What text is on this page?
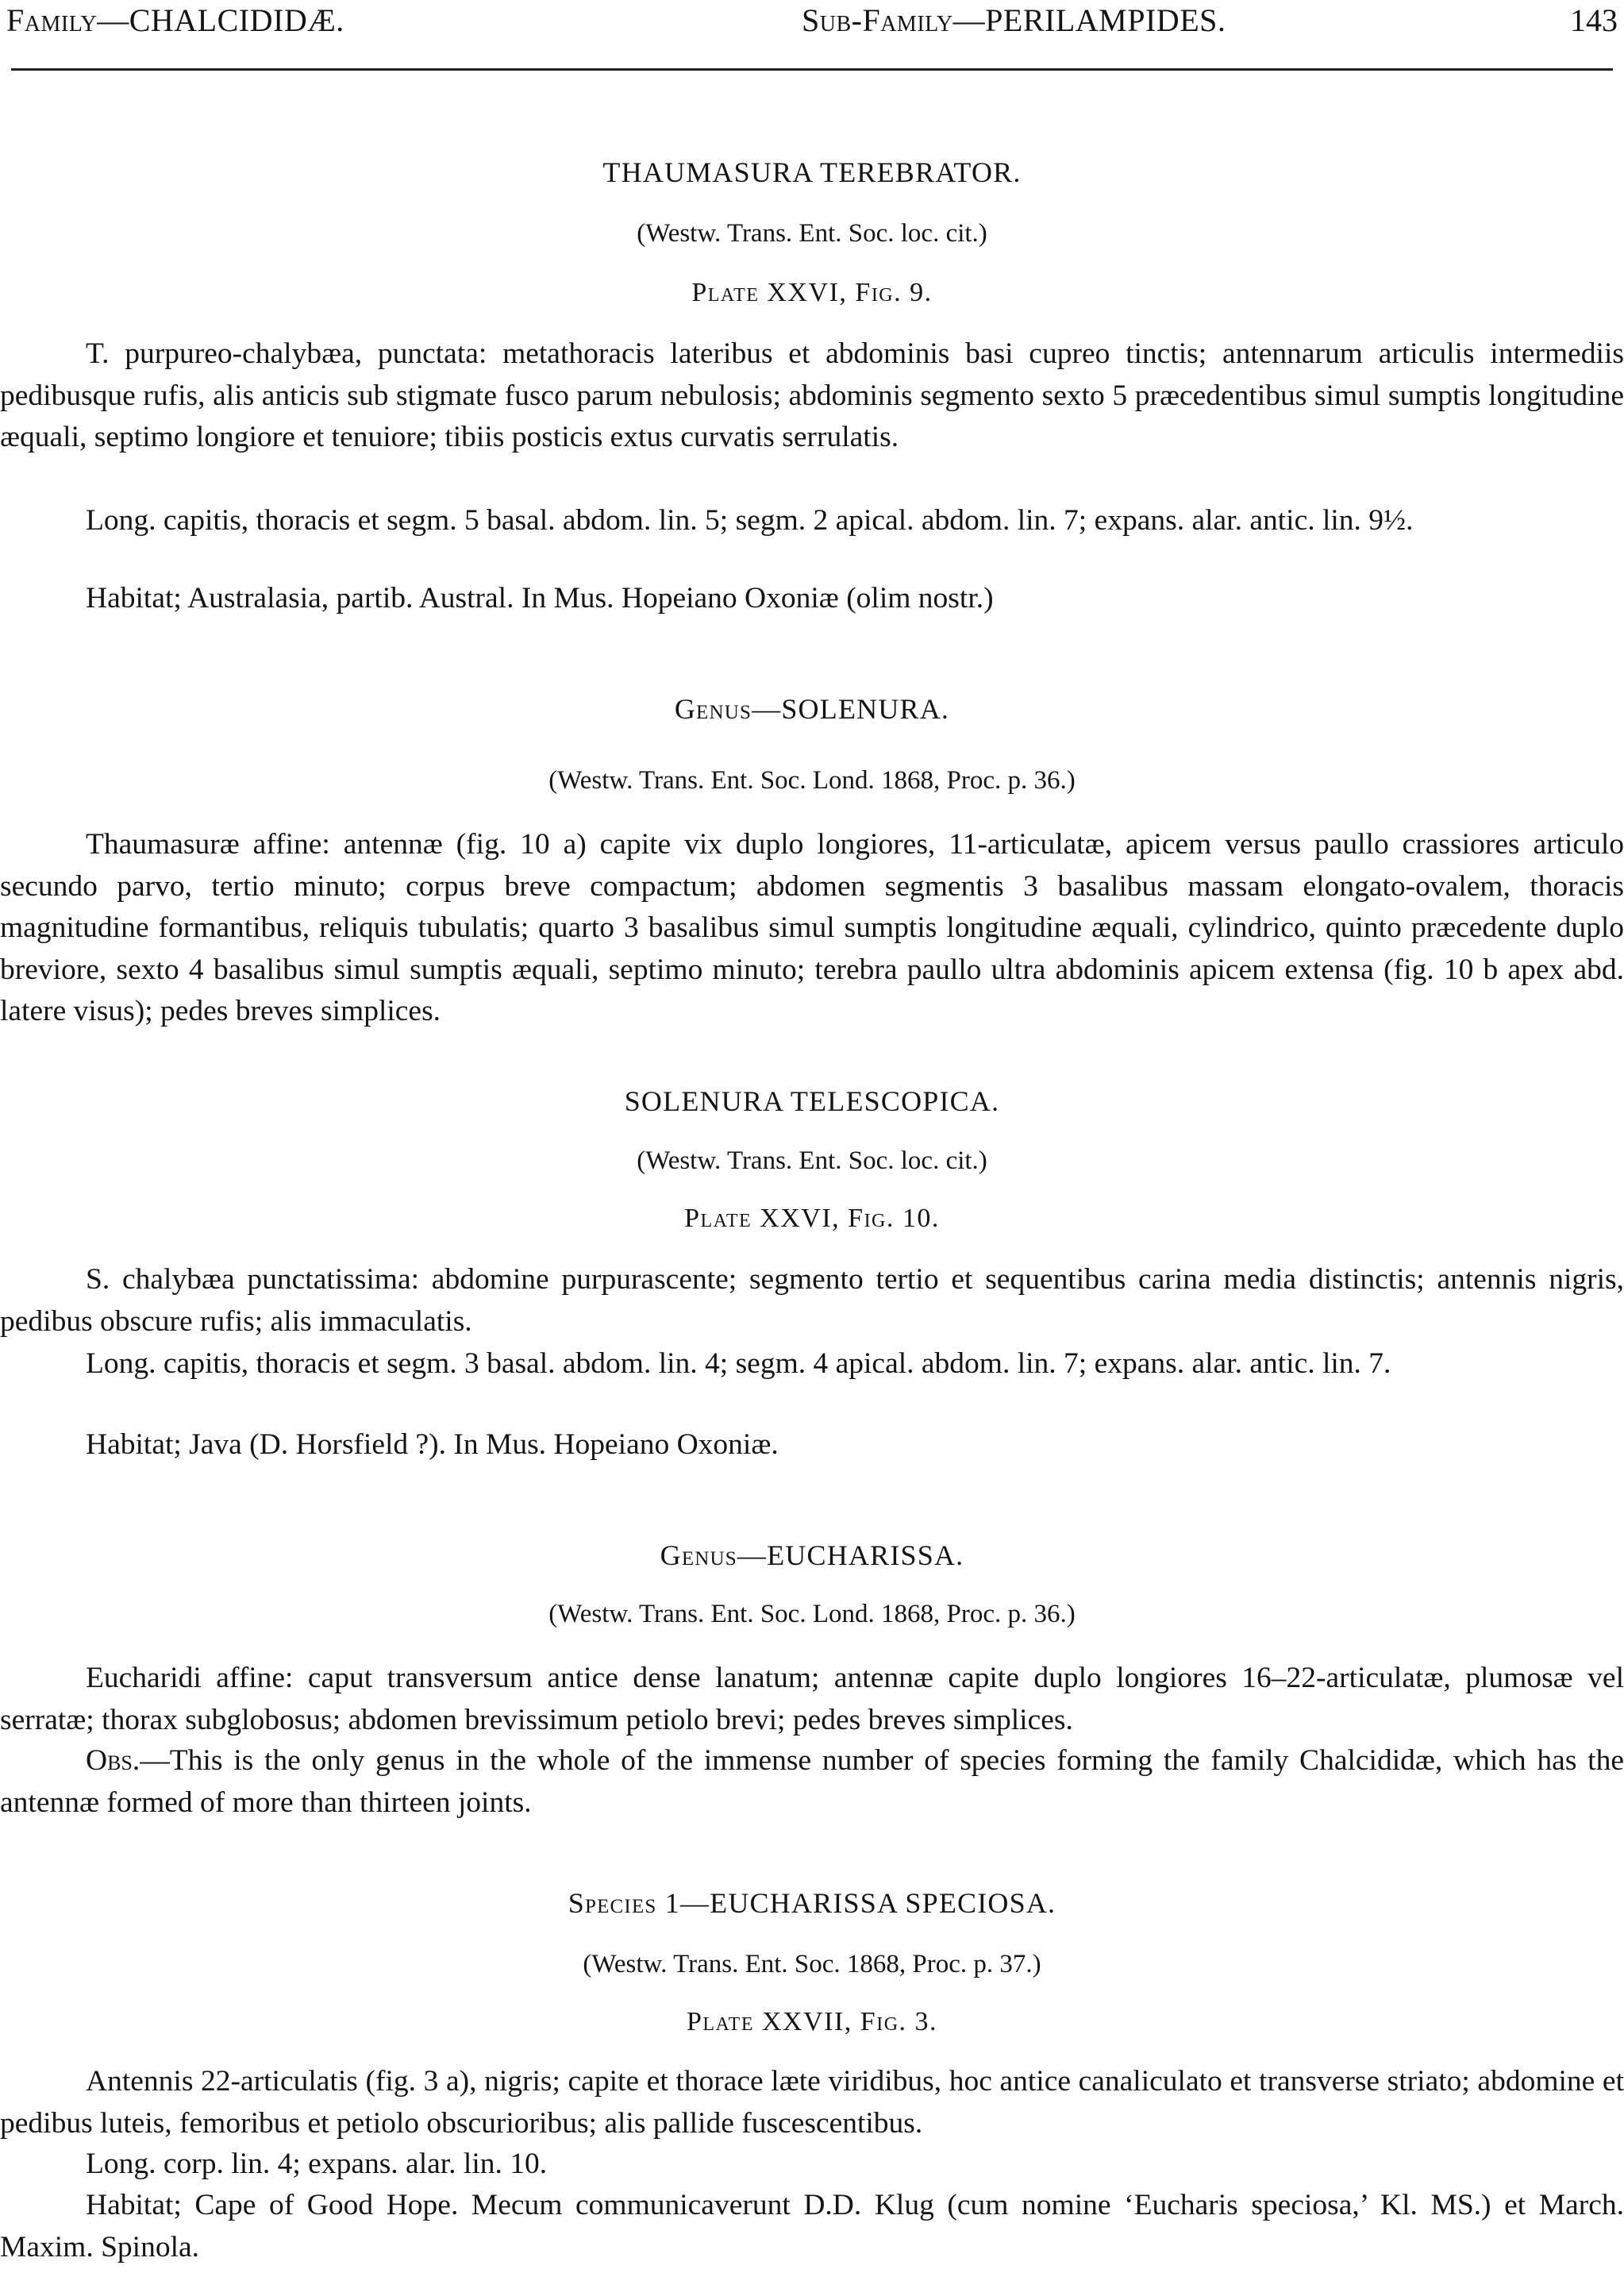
Family—CHALCIDIDÆ.	Sub-Family—PERILAMPIDES.	143
THAUMASURA TEREBRATOR.
(Westw. Trans. Ent. Soc. loc. cit.)
Plate XXVI, Fig. 9.
T. purpureo-chalybæa, punctata: metathoracis lateribus et abdominis basi cupreo tinctis; antennarum articulis intermediis pedibusque rufis, alis anticis sub stigmate fusco parum nebulosis; abdominis segmento sexto 5 præcedentibus simul sumptis longitudine æquali, septimo longiore et tenuiore; tibiis posticis extus curvatis serrulatis.
Long. capitis, thoracis et segm. 5 basal. abdom. lin. 5; segm. 2 apical. abdom. lin. 7; expans. alar. antic. lin. 9½.
Habitat; Australasia, partib. Austral. In Mus. Hopeiano Oxoniæ (olim nostr.)
Genus—SOLENURA.
(Westw. Trans. Ent. Soc. Lond. 1868, Proc. p. 36.)
Thaumasuræ affine: antennæ (fig. 10 a) capite vix duplo longiores, 11-articulatæ, apicem versus paullo crassiores articulo secundo parvo, tertio minuto; corpus breve compactum; abdomen segmentis 3 basalibus massam elongato-ovalem, thoracis magnitudine formantibus, reliquis tubulatis; quarto 3 basalibus simul sumptis longitudine æquali, cylindrico, quinto præcedente duplo breviore, sexto 4 basalibus simul sumptis æquali, septimo minuto; terebra paullo ultra abdominis apicem extensa (fig. 10 b apex abd. latere visus); pedes breves simplices.
SOLENURA TELESCOPICA.
(Westw. Trans. Ent. Soc. loc. cit.)
Plate XXVI, Fig. 10.
S. chalybæa punctatissima: abdomine purpurascente; segmento tertio et sequentibus carina media distinctis; antennis nigris, pedibus obscure rufis; alis immaculatis.
Long. capitis, thoracis et segm. 3 basal. abdom. lin. 4; segm. 4 apical. abdom. lin. 7; expans. alar. antic. lin. 7.
Habitat; Java (D. Horsfield ?). In Mus. Hopeiano Oxoniæ.
Genus—EUCHARISSA.
(Westw. Trans. Ent. Soc. Lond. 1868, Proc. p. 36.)
Eucharidi affine: caput transversum antice dense lanatum; antennæ capite duplo longiores 16–22-articulatæ, plumosæ vel serratæ; thorax subglobosus; abdomen brevissimum petiolo brevi; pedes breves simplices.
Obs.—This is the only genus in the whole of the immense number of species forming the family Chalcididæ, which has the antennæ formed of more than thirteen joints.
Species 1—EUCHARISSA SPECIOSA.
(Westw. Trans. Ent. Soc. 1868, Proc. p. 37.)
Plate XXVII, Fig. 3.
Antennis 22-articulatis (fig. 3 a), nigris; capite et thorace læte viridibus, hoc antice canaliculato et transverse striato; abdomine et pedibus luteis, femoribus et petiolo obscurioribus; alis pallide fuscescentibus.
Long. corp. lin. 4; expans. alar. lin. 10.
Habitat; Cape of Good Hope. Mecum communicaverunt D.D. Klug (cum nomine ‘Eucharis speciosa,’ Kl. MS.) et March. Maxim. Spinola.
